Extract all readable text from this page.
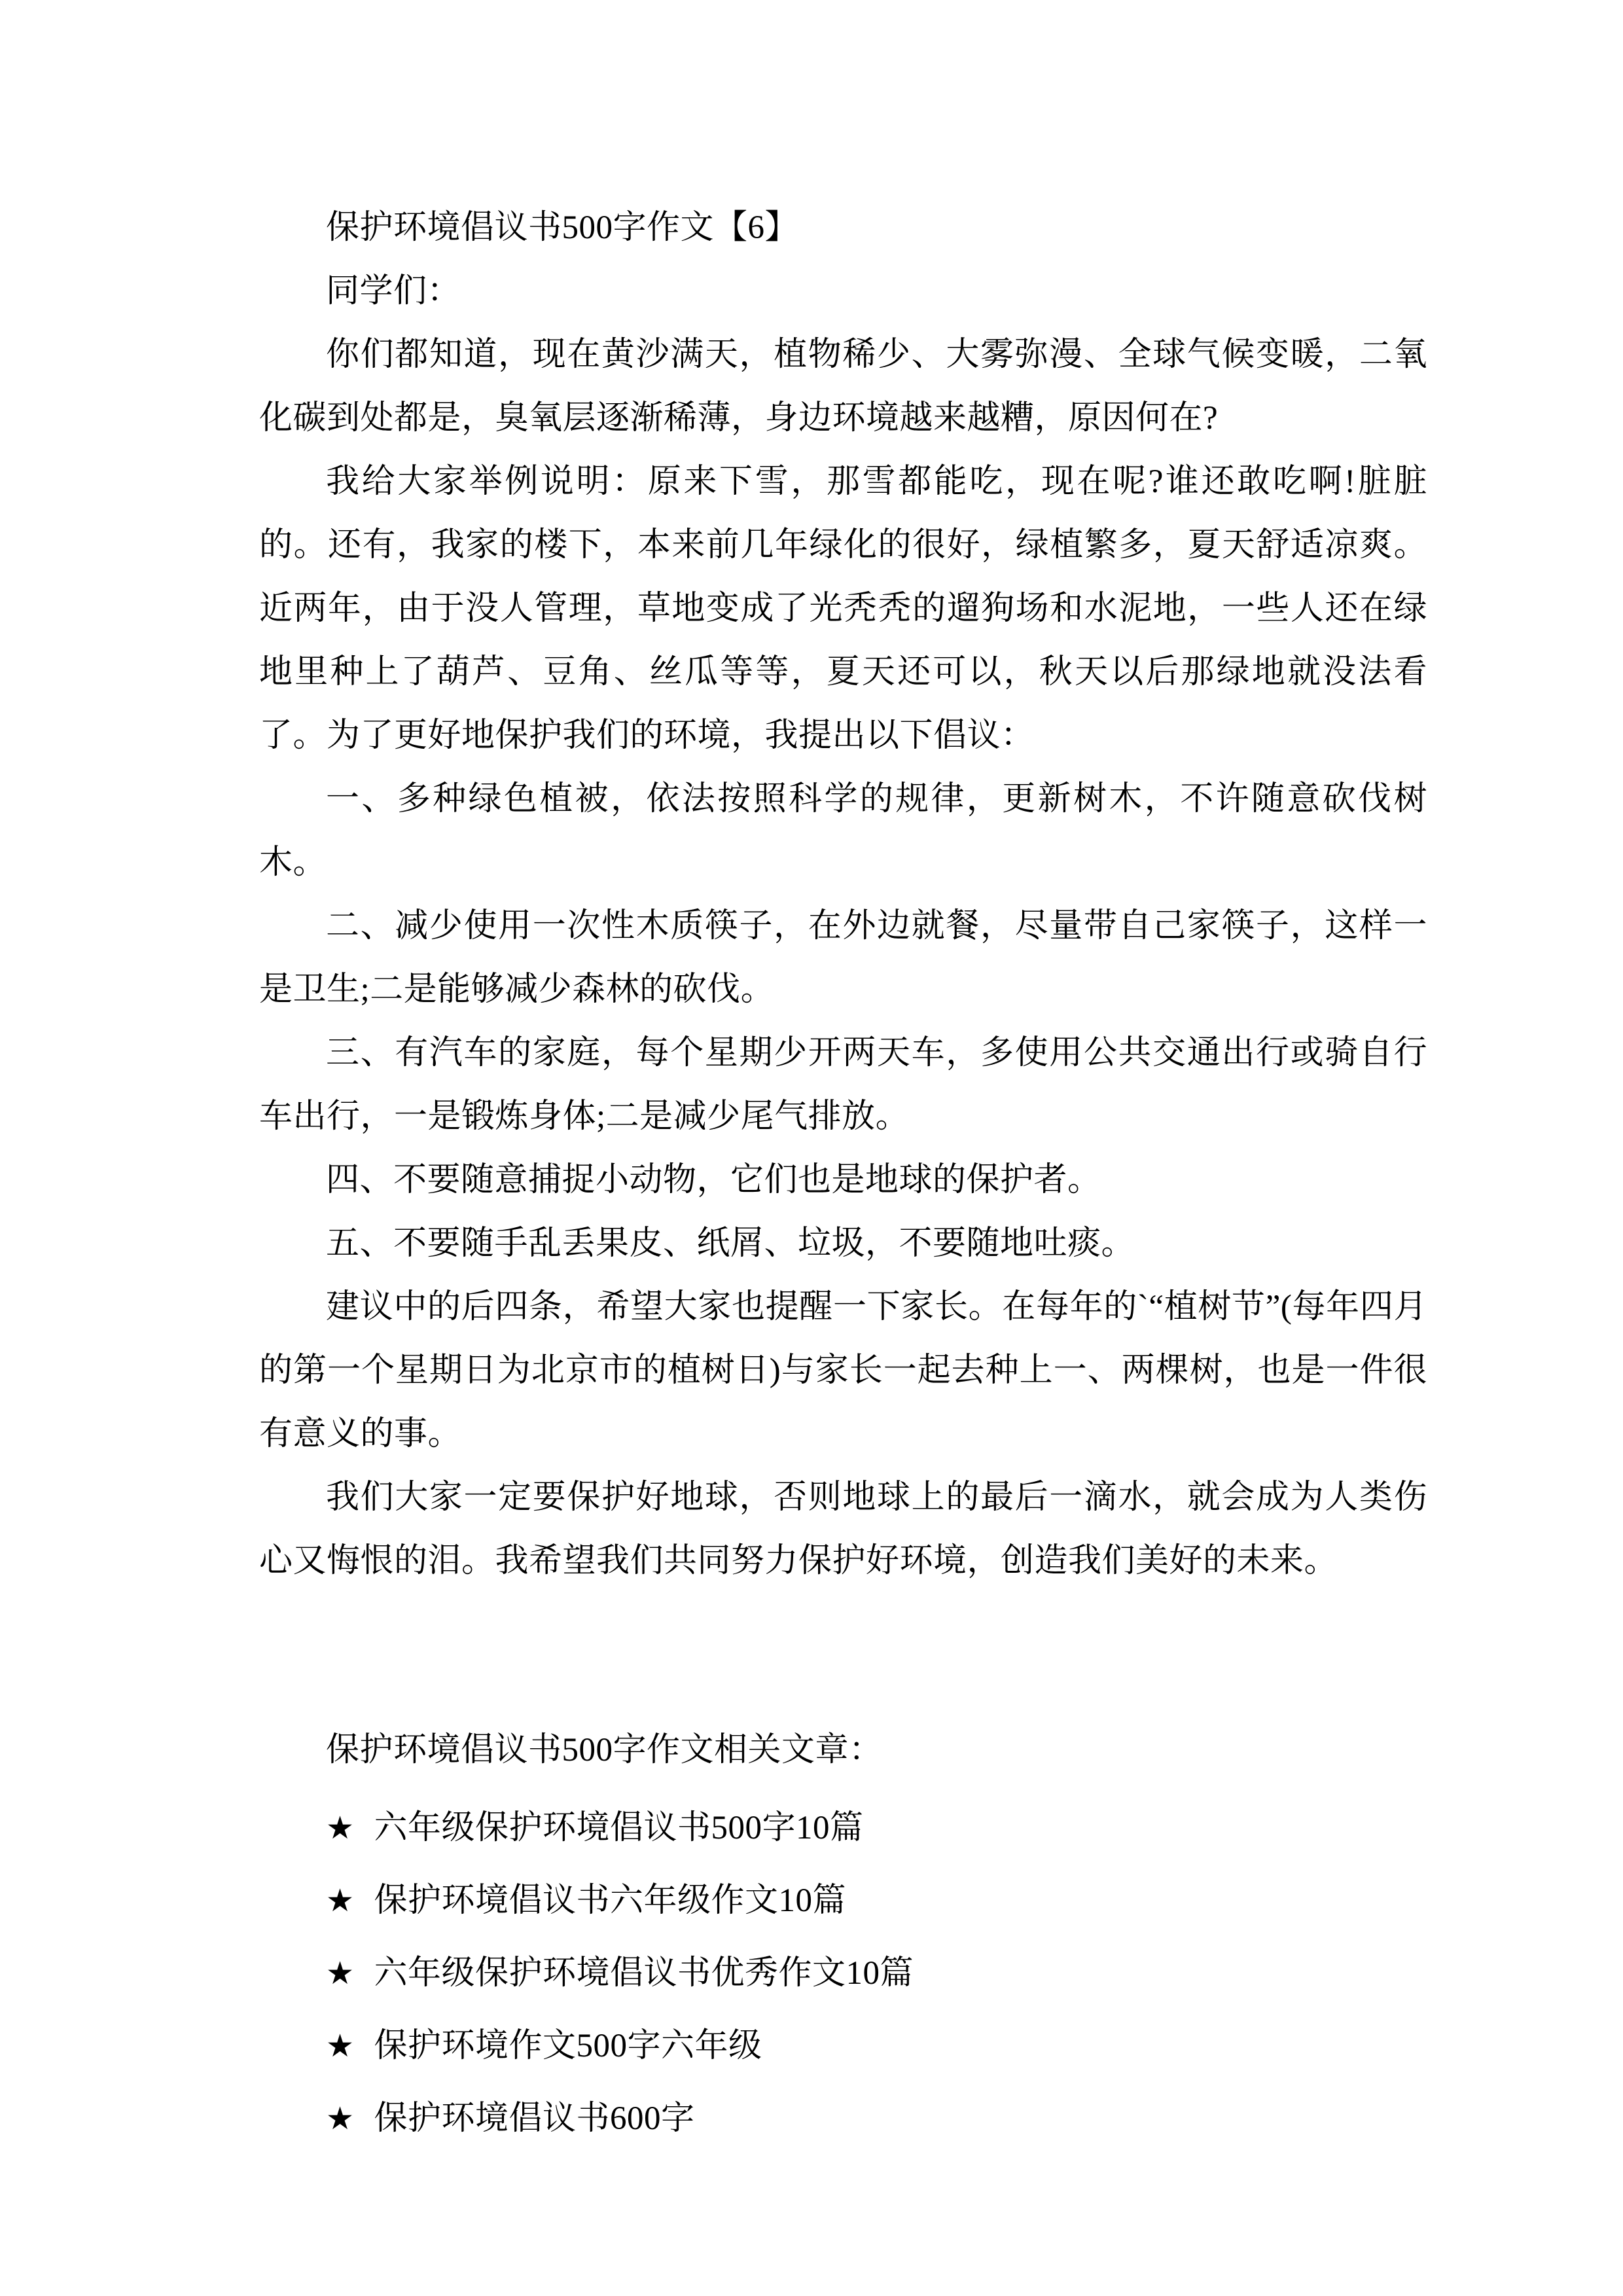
保护环境倡议书500字作文【6】

同学们：

你们都知道，现在黄沙满天，植物稀少、大雾弥漫、全球气候变暖，二氧化碳到处都是，臭氧层逐渐稀薄，身边环境越来越糟，原因何在?

我给大家举例说明：原来下雪，那雪都能吃，现在呢?谁还敢吃啊!脏脏的。还有，我家的楼下，本来前几年绿化的很好，绿植繁多，夏天舒适凉爽。近两年，由于没人管理，草地变成了光秃秃的遛狗场和水泥地，一些人还在绿地里种上了葫芦、豆角、丝瓜等等，夏天还可以，秋天以后那绿地就没法看了。为了更好地保护我们的环境，我提出以下倡议：

一、多种绿色植被，依法按照科学的规律，更新树木，不许随意砍伐树木。

二、减少使用一次性木质筷子，在外边就餐，尽量带自己家筷子，这样一是卫生;二是能够减少森林的砍伐。

三、有汽车的家庭，每个星期少开两天车，多使用公共交通出行或骑自行车出行，一是锻炼身体;二是减少尾气排放。

四、不要随意捕捉小动物，它们也是地球的保护者。

五、不要随手乱丢果皮、纸屑、垃圾，不要随地吐痰。

建议中的后四条，希望大家也提醒一下家长。在每年的`“植树节”(每年四月的第一个星期日为北京市的植树日)与家长一起去种上一、两棵树，也是一件很有意义的事。

我们大家一定要保护好地球，否则地球上的最后一滴水，就会成为人类伤心又悔恨的泪。我希望我们共同努力保护好环境，创造我们美好的未来。

保护环境倡议书500字作文相关文章：

★ 六年级保护环境倡议书500字10篇
★ 保护环境倡议书六年级作文10篇
★ 六年级保护环境倡议书优秀作文10篇
★ 保护环境作文500字六年级
★ 保护环境倡议书600字
